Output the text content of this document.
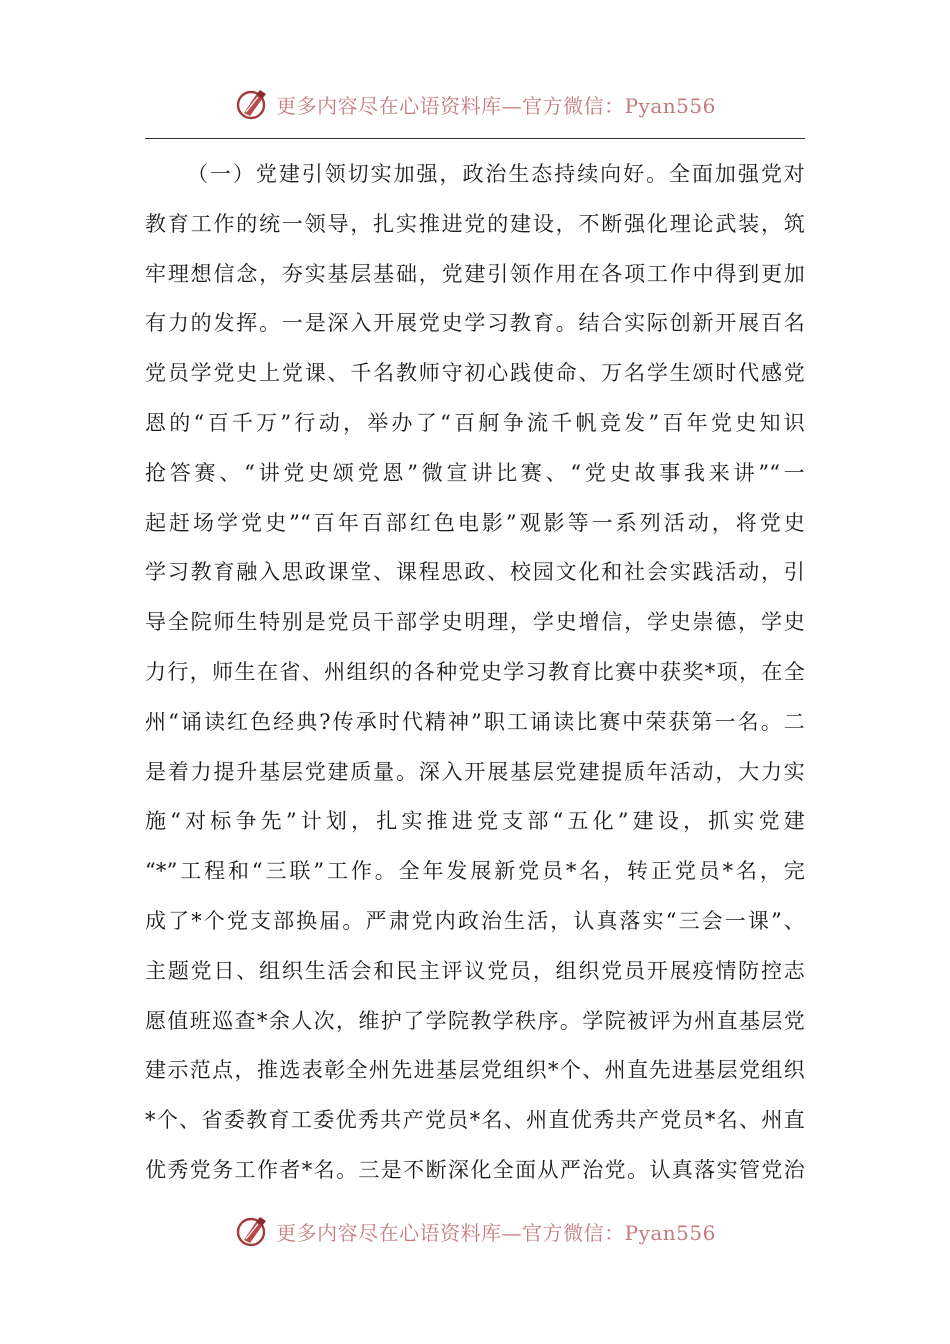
更多内容尽在心语资料库—官方微信：Pyan556
（一）党建引领切实加强，政治生态持续向好。全面加强党对
教育工作的统一领导，扎实推进党的建设，不断强化理论武装，筑
牢理想信念，夯实基层基础，党建引领作用在各项工作中得到更加
有力的发挥。一是深入开展党史学习教育。结合实际创新开展百名
党员学党史上党课、千名教师守初心践使命、万名学生颂时代感党
恩的“百千万”行动，举办了“百舸争流千帆竞发”百年党史知识
抢答赛、“讲党史颂党恩”微宣讲比赛、“党史故事我来讲”“一
起赶场学党史”“百年百部红色电影”观影等一系列活动，将党史
学习教育融入思政课堂、课程思政、校园文化和社会实践活动，引
导全院师生特别是党员干部学史明理，学史增信，学史崇德，学史
力行，师生在省、州组织的各种党史学习教育比赛中获奖*项，在全
州“诵读红色经典?传承时代精神”职工诵读比赛中荣获第一名。二
是着力提升基层党建质量。深入开展基层党建提质年活动，大力实
施“对标争先”计划，扎实推进党支部“五化”建设，抓实党建
“*”工程和“三联”工作。全年发展新党员*名，转正党员*名，完
成了*个党支部换届。严肃党内政治生活，认真落实“三会一课”、
主题党日、组织生活会和民主评议党员，组织党员开展疫情防控志
愿值班巡查*余人次，维护了学院教学秩序。学院被评为州直基层党
建示范点，推选表彰全州先进基层党组织*个、州直先进基层党组织
*个、省委教育工委优秀共产党员*名、州直优秀共产党员*名、州直
优秀党务工作者*名。三是不断深化全面从严治党。认真落实管党治
更多内容尽在心语资料库—官方微信：Pyan556
